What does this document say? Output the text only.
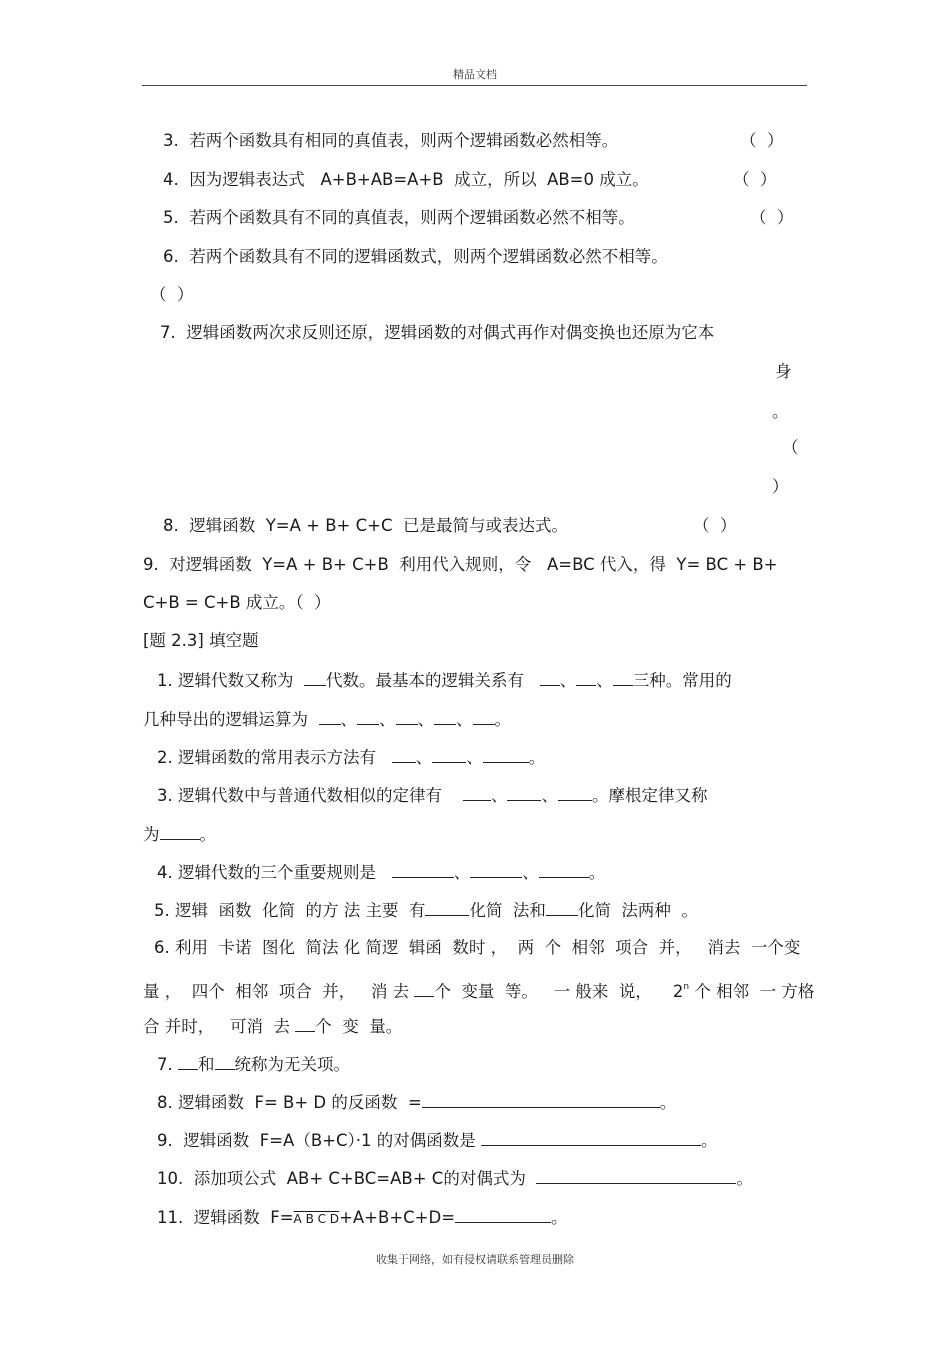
精品文档
3.  若两个函数具有相同的真值表，则两个逻辑函数必然相等。	（  ）
4.  因为逻辑表达式   A+B+AB=A+B  成立，所以  AB=0 成立。	（  ）
5.  若两个函数具有不同的真值表，则两个逻辑函数必然不相等。	（  ）
6.  若两个函数具有不同的逻辑函数式，则两个逻辑函数必然不相等。
（  ）
7.  逻辑函数两次求反则还原，逻辑函数的对偶式再作对偶变换也还原为它本
身
。
（
）
8.  逻辑函数  Y=A + B+ C+C  已是最简与或表达式。	（  ）
9.  对逻辑函数  Y=A + B+ C+B  利用代入规则，令   A=BC 代入，得  Y= BC + B+
C+B = C+B 成立。（  ）
[题 2.3] 填空题
1. 逻辑代数又称为  代数。最基本的逻辑关系有   、 、 三种。常用的
几种导出的逻辑运算为  、 、 、 、 。
2. 逻辑函数的常用表示方法有   、 、	。
3. 逻辑代数中与普通代数相似的定律有    、 、 。摩根定律又称
为 。
4. 逻辑代数的三个重要规则是	、	、	。
5. 逻辑  函数  化简  的方 法 主要  有	化简  法和 化简  法两种  。
6. 利用  卡诺  图化  简法 化 简逻  辑函  数时 ，  两  个  相邻  项合  并，   消去  一个变
量 ，  四个  相邻  项合  并，   消 去 个  变量  等。   一 般来  说，    2$^n$ 个 相邻  一 方格
合 并时，   可消  去 个  变  量。
7. 和 统称为无关项。
8. 逻辑函数  F= B+ D 的反函数  =	。
9.  逻辑函数  F=A（B+C）·1 的对偶函数是	。
10.  添加项公式  AB+ C+BC=AB+ C的对偶式为	。
11.  逻辑函数  F=A B C D+A+B+C+D=	。
收集于网络，如有侵权请联系管理员删除
